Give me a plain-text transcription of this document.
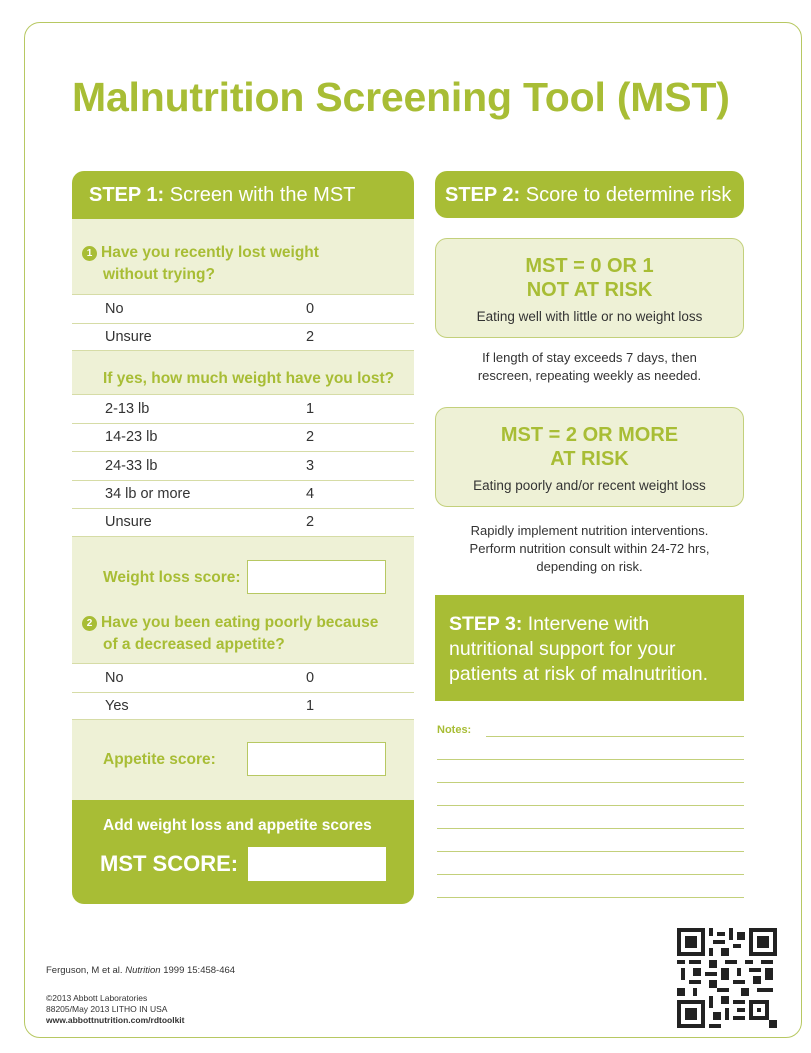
Malnutrition Screening Tool (MST)
STEP 1: Screen with the MST
1 Have you recently lost weight
without trying?
No	0
Unsure	2
If yes, how much weight have you lost?
2-13 lb	1
14-23 lb	2
24-33 lb	3
34 lb or more	4
Unsure	2
Weight loss score:
2 Have you been eating poorly because
of a decreased appetite?
No	0
Yes	1
Appetite score:
Add weight loss and appetite scores
MST SCORE:
STEP 2: Score to determine risk
MST = 0 OR 1
NOT AT RISK
Eating well with little or no weight loss
If length of stay exceeds 7 days, then
rescreen, repeating weekly as needed.
MST = 2 OR MORE
AT RISK
Eating poorly and/or recent weight loss
Rapidly implement nutrition interventions.
Perform nutrition consult within 24-72 hrs,
depending on risk.
STEP 3: Intervene with
nutritional support for your
patients at risk of malnutrition.
Notes:
Ferguson, M et al. Nutrition 1999 15:458-464
©2013 Abbott Laboratories
88205/May 2013 LITHO IN USA
www.abbottnutrition.com/rdtoolkit
